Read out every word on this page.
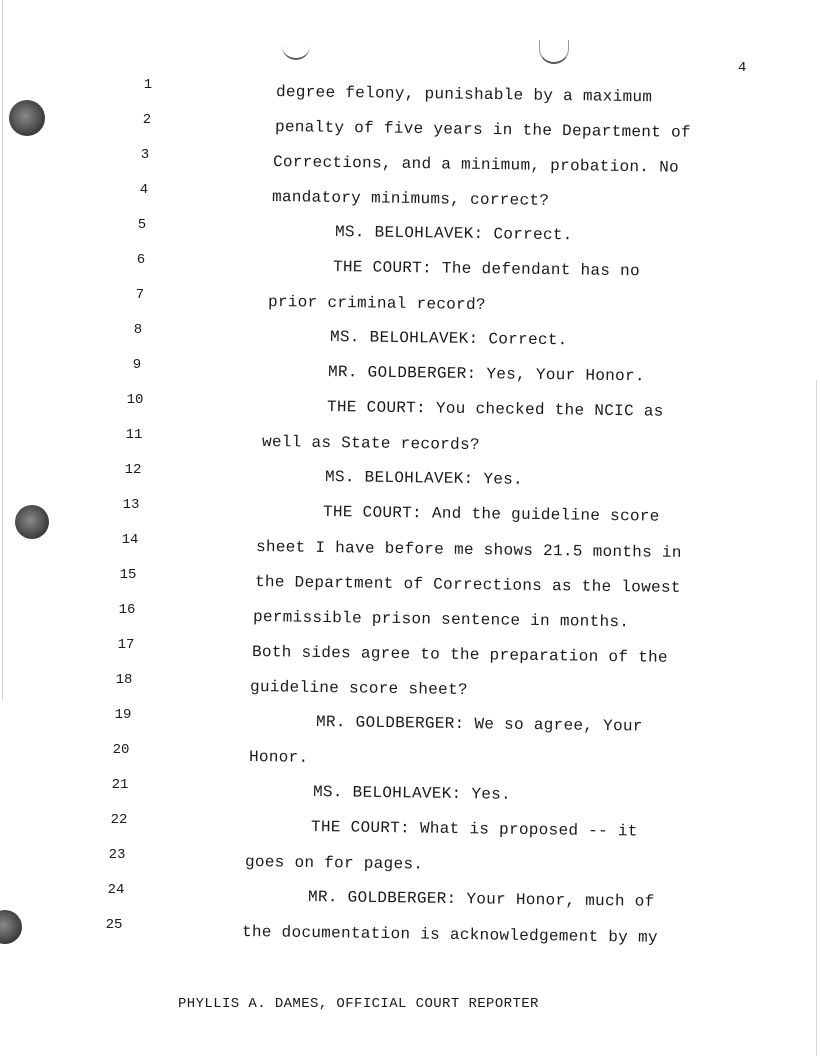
4
1	degree felony, punishable by a maximum
2	penalty of five years in the Department of
3	Corrections, and a minimum, probation. No
4	mandatory minimums, correct?
5	MS. BELOHLAVEK: Correct.
6	THE COURT: The defendant has no
7	prior criminal record?
8	MS. BELOHLAVEK: Correct.
9	MR. GOLDBERGER: Yes, Your Honor.
10	THE COURT: You checked the NCIC as
11	well as State records?
12	MS. BELOHLAVEK: Yes.
13	THE COURT: And the guideline score
14	sheet I have before me shows 21.5 months in
15	the Department of Corrections as the lowest
16	permissible prison sentence in months.
17	Both sides agree to the preparation of the
18	guideline score sheet?
19	MR. GOLDBERGER: We so agree, Your
20	Honor.
21	MS. BELOHLAVEK: Yes.
22	THE COURT: What is proposed -- it
23	goes on for pages.
24	MR. GOLDBERGER: Your Honor, much of
25	the documentation is acknowledgement by my
PHYLLIS A. DAMES, OFFICIAL COURT REPORTER
